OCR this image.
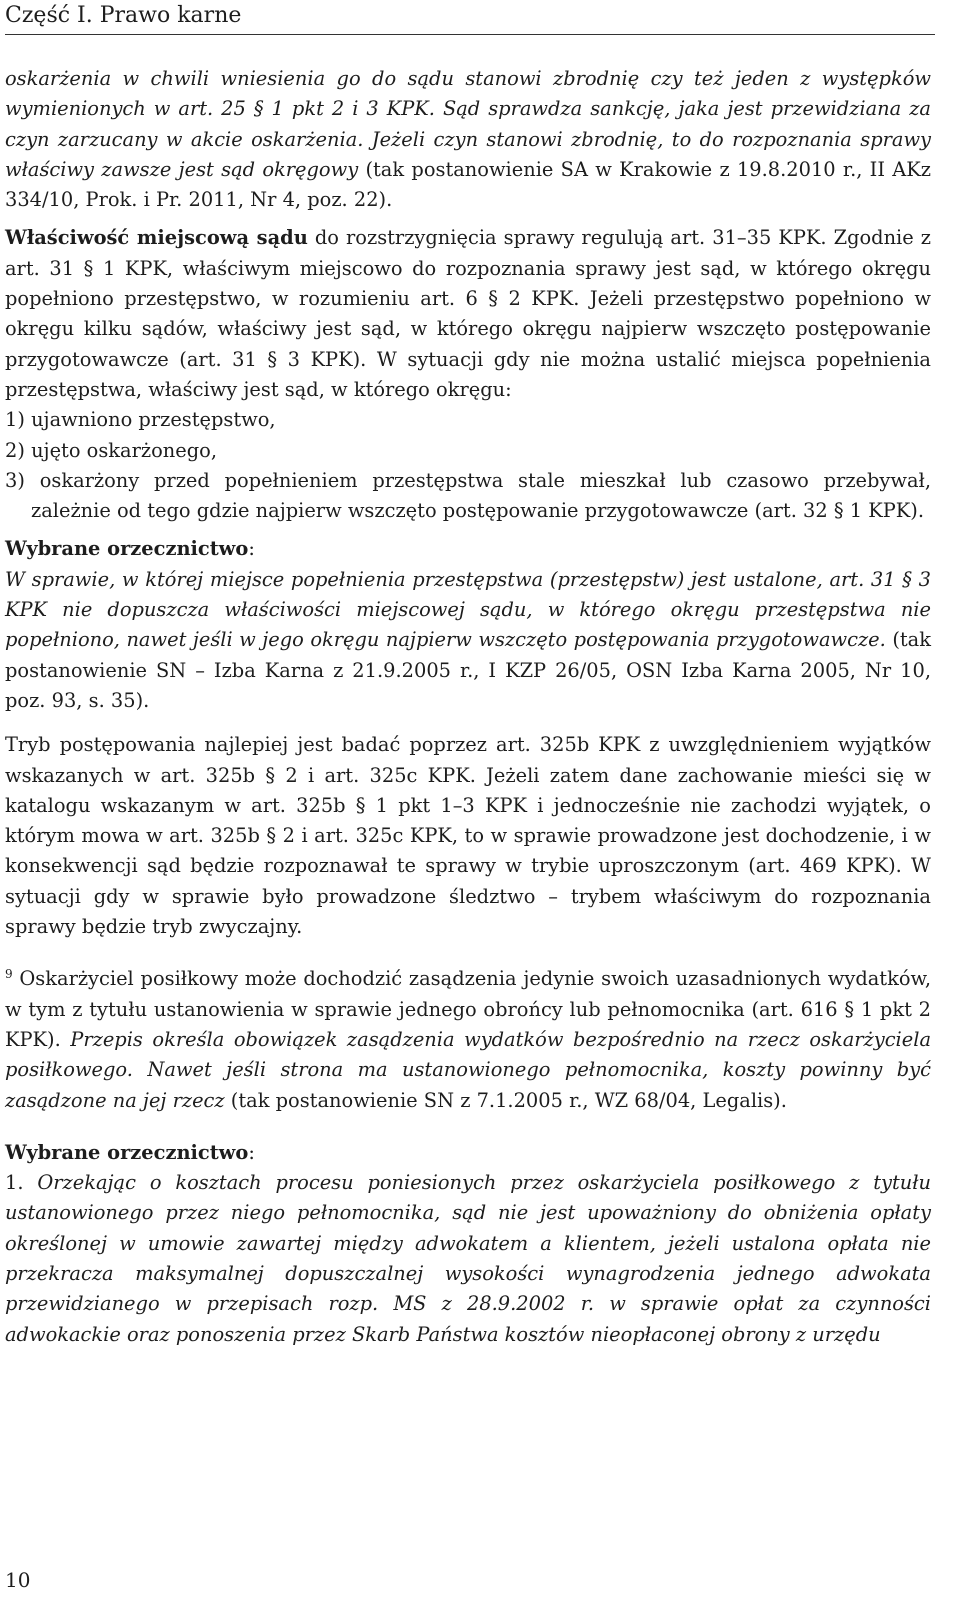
Część I. Prawo karne

oskarżenia w chwili wniesienia go do sądu stanowi zbrodnię czy też jeden z występków wymienionych w art. 25 § 1 pkt 2 i 3 KPK. Sąd sprawdza sankcję, jaka jest przewidziana za czyn zarzucany w akcie oskarżenia. Jeżeli czyn stanowi zbrodnię, to do rozpoznania sprawy właściwy zawsze jest sąd okręgowy (tak postanowienie SA w Krakowie z 19.8.2010 r., II AKz 334/10, Prok. i Pr. 2011, Nr 4, poz. 22).

Właściwość miejscową sądu do rozstrzygnięcia sprawy regulują art. 31–35 KPK. Zgodnie z art. 31 § 1 KPK, właściwym miejscowo do rozpoznania sprawy jest sąd, w którego okręgu popełniono przestępstwo, w rozumieniu art. 6 § 2 KPK. Jeżeli przestępstwo popełniono w okręgu kilku sądów, właściwy jest sąd, w którego okręgu najpierw wszczęto postępowanie przygotowawcze (art. 31 § 3 KPK). W sytuacji gdy nie można ustalić miejsca popełnienia przestępstwa, właściwy jest sąd, w którego okręgu:

1) ujawniono przestępstwo,

2) ujęto oskarżonego,

3) oskarżony przed popełnieniem przestępstwa stale mieszkał lub czasowo przebywał, zależnie od tego gdzie najpierw wszczęto postępowanie przygotowawcze (art. 32 § 1 KPK).

Wybrane orzecznictwo:

W sprawie, w której miejsce popełnienia przestępstwa (przestępstw) jest ustalone, art. 31 § 3 KPK nie dopuszcza właściwości miejscowej sądu, w którego okręgu przestępstwa nie popełniono, nawet jeśli w jego okręgu najpierw wszczęto postępowania przygotowawcze. (tak postanowienie SN – Izba Karna z 21.9.2005 r., I KZP 26/05, OSN Izba Karna 2005, Nr 10, poz. 93, s. 35).

Tryb postępowania najlepiej jest badać poprzez art. 325b KPK z uwzględnieniem wyjątków wskazanych w art. 325b § 2 i art. 325c KPK. Jeżeli zatem dane zachowanie mieści się w katalogu wskazanym w art. 325b § 1 pkt 1–3 KPK i jednocześnie nie zachodzi wyjątek, o którym mowa w art. 325b § 2 i art. 325c KPK, to w sprawie prowadzone jest dochodzenie, i w konsekwencji sąd będzie rozpoznawał te sprawy w trybie uproszczonym (art. 469 KPK). W sytuacji gdy w sprawie było prowadzone śledztwo – trybem właściwym do rozpoznania sprawy będzie tryb zwyczajny.

$^9$ Oskarżyciel posiłkowy może dochodzić zasądzenia jedynie swoich uzasadnionych wydatków, w tym z tytułu ustanowienia w sprawie jednego obrońcy lub pełnomocnika (art. 616 § 1 pkt 2 KPK). Przepis określa obowiązek zasądzenia wydatków bezpośrednio na rzecz oskarżyciela posiłkowego. Nawet jeśli strona ma ustanowionego pełnomocnika, koszty powinny być zasądzone na jej rzecz (tak postanowienie SN z 7.1.2005 r., WZ 68/04, Legalis).

Wybrane orzecznictwo:

1. Orzekając o kosztach procesu poniesionych przez oskarżyciela posiłkowego z tytułu ustanowionego przez niego pełnomocnika, sąd nie jest upoważniony do obniżenia opłaty określonej w umowie zawartej między adwokatem a klientem, jeżeli ustalona opłata nie przekracza maksymalnej dopuszczalnej wysokości wynagrodzenia jednego adwokata przewidzianego w przepisach rozp. MS z 28.9.2002 r. w sprawie opłat za czynności adwokackie oraz ponoszenia przez Skarb Państwa kosztów nieopłaconej obrony z urzędu

10
